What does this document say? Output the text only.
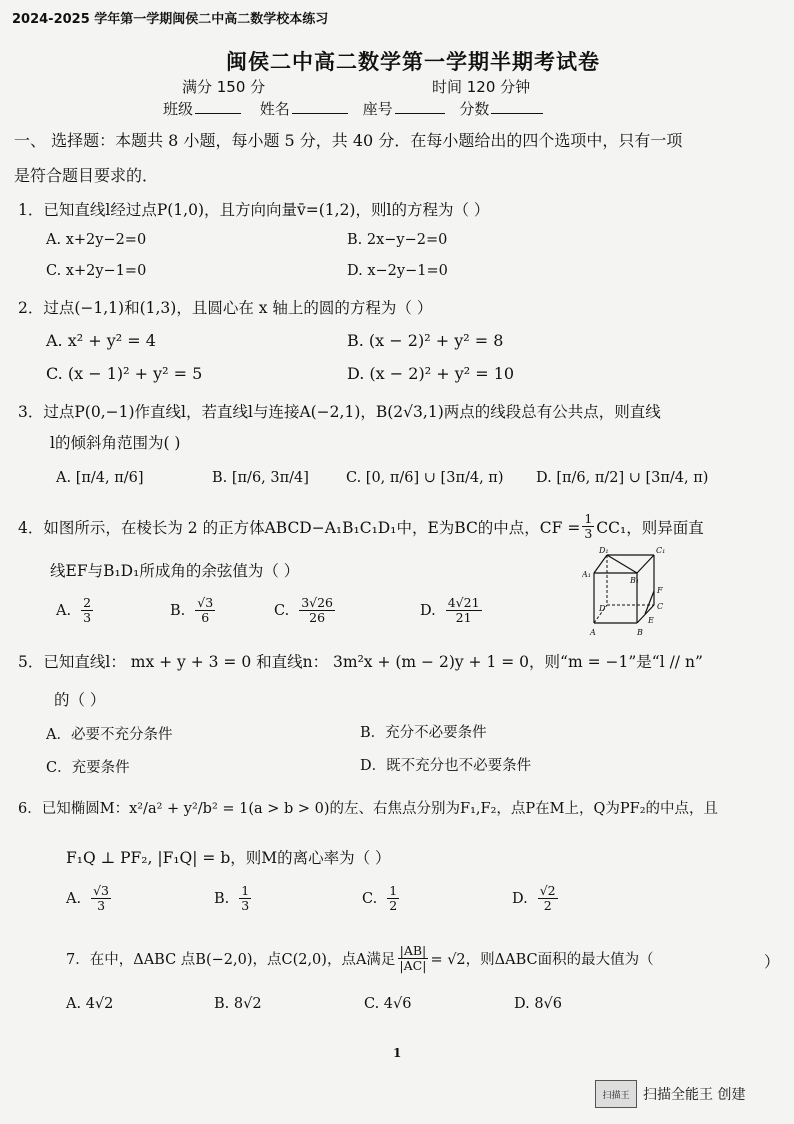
2024-2025 学年第一学期闽侯二中高二数学校本练习
闽侯二中高二数学第一学期半期考试卷
满分 150 分	时间 120 分钟
班级	姓名	座号	分数
一、 选择题：本题共 8 小题，每小题 5 分，共 40 分．在每小题给出的四个选项中，只有一项
是符合题目要求的．
1．已知直线l经过点P(1,0)，且方向向量v̄=(1,2)，则l的方程为（ ）
A. x+2y−2=0	B. 2x−y−2=0
C. x+2y−1=0	D. x−2y−1=0
2．过点(−1,1)和(1,3)，且圆心在 x 轴上的圆的方程为（ ）
A. x² + y² = 4	B. (x − 2)² + y² = 8
C. (x − 1)² + y² = 5	D. (x − 2)² + y² = 10
3．过点P(0,−1)作直线l，若直线l与连接A(−2,1)，B(2√3,1)两点的线段总有公共点，则直线
l的倾斜角范围为( )
A. [π/4, π/6]	B. [π/6, 3π/4]	C. [0, π/6] ∪ [3π/4, π) D. [π/6, π/2] ∪ [3π/4, π)
4．如图所示，在棱长为 2 的正方体ABCD−A₁B₁C₁D₁中，E为BC的中点，CF = $\frac{1}{3} CC_1$，则异面直
线EF与B₁D₁所成角的余弦值为（ ）
A. $\frac{2}{3}$	B. $\frac{√3}{6}$	C. $\frac{3√26}{26}$	D. $\frac{4√21}{21}$
D₁	C₁
A₁
B₁
F
D	C
A	B
E
5．已知直线l： mx + y + 3 = 0 和直线n： 3m²x + (m − 2)y + 1 = 0，则“m = −1”是“l // n”
的（ ）
A．必要不充分条件	B．充分不必要条件
C．充要条件	D．既不充分也不必要条件
6．已知椭圆M：x²/a² + y²/b² = 1(a > b > 0)的左、右焦点分别为F₁,F₂，点P在M上，Q为PF₂的中点，且
F₁Q ⊥ PF₂, |F₁Q| = b，则M的离心率为（ ）
A. $\frac{√3}{3}$	B. $\frac{1}{3}$	C. $\frac{1}{2}$	D. $\frac{√2}{2}$
7．在中，ΔABC 点B(−2,0)，点C(2,0)，点A满足 $\frac{|AB|}{|AC|} = √2$，则ΔABC面积的最大值为（	）
A. 4√2	B. 8√2	C. 4√6	D. 8√6
1
扫描王 扫描全能王 创建
